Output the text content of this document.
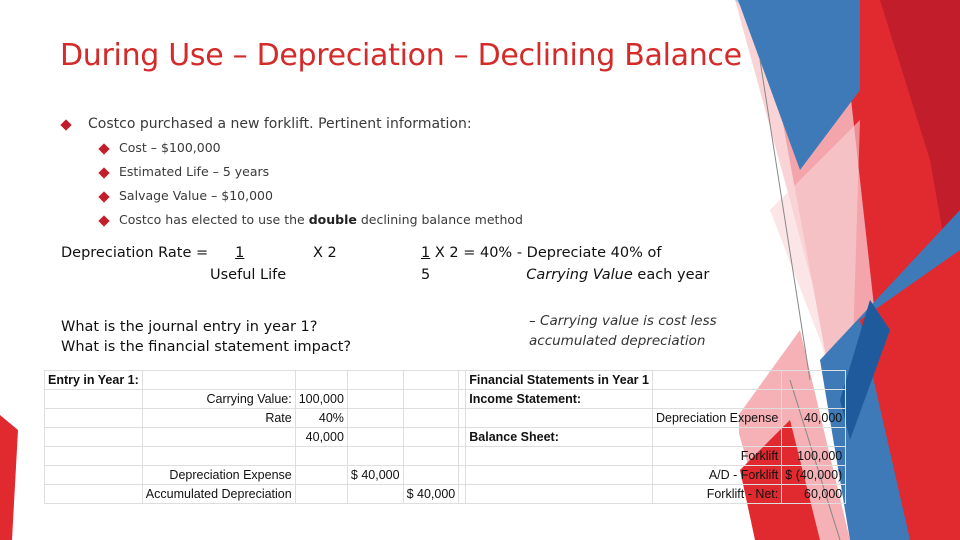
During Use – Depreciation – Declining Balance
Costco purchased a new forklift. Pertinent information:
Cost – $100,000
Estimated Life – 5 years
Salvage Value – $10,000
Costco has elected to use the double declining balance method
Depreciation Rate = 1
Useful Life
X 2	1 X 2 = 40% - Depreciate 40% of
5	Carrying Value each year
What is the journal entry in year 1?
What is the financial statement impact?
– Carrying value is cost less
accumulated depreciation
Entry in Year 1:						Financial Statements in Year 1		
	Carrying Value:	100,000				Income Statement:		
	Rate	40%					Depreciation Expense	40,000
		40,000				Balance Sheet:		
							Forklift	100,000
	Depreciation Expense		$ 40,000				A/D - Forklift	$ (40,000)
	Accumulated Depreciation			$ 40,000			Forklift - Net:	60,000
